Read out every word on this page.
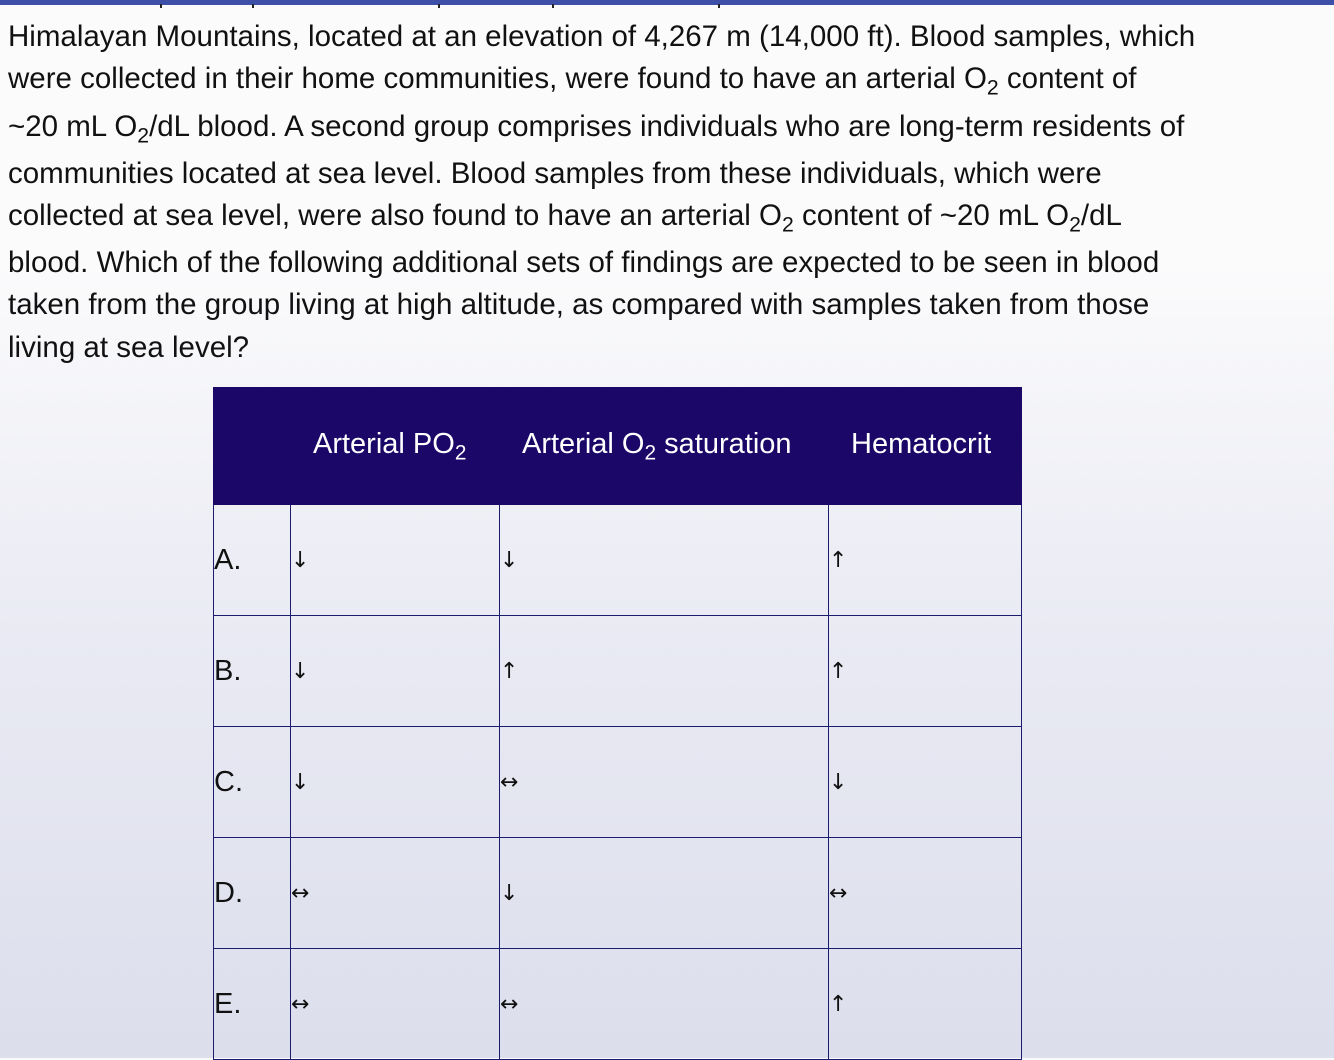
Himalayan Mountains, located at an elevation of 4,267 m (14,000 ft). Blood samples, which
were collected in their home communities, were found to have an arterial $O_2$ content of
~20 mL $O_2/dL$ blood. A second group comprises individuals who are long-term residents of
communities located at sea level. Blood samples from these individuals, which were
collected at sea level, were also found to have an arterial $O_2$ content of ~20 mL $O_2/dL$
blood. Which of the following additional sets of findings are expected to be seen in blood
taken from the group living at high altitude, as compared with samples taken from those
living at sea level?

	Arterial $PO_2$	Arterial $O_2$ saturation	Hematocrit

A.	↓	↓	↑
B.	↓	↑	↑
C.	↓	↔	↓
D.	↔	↓	↔
E.	↔	↔	↑
